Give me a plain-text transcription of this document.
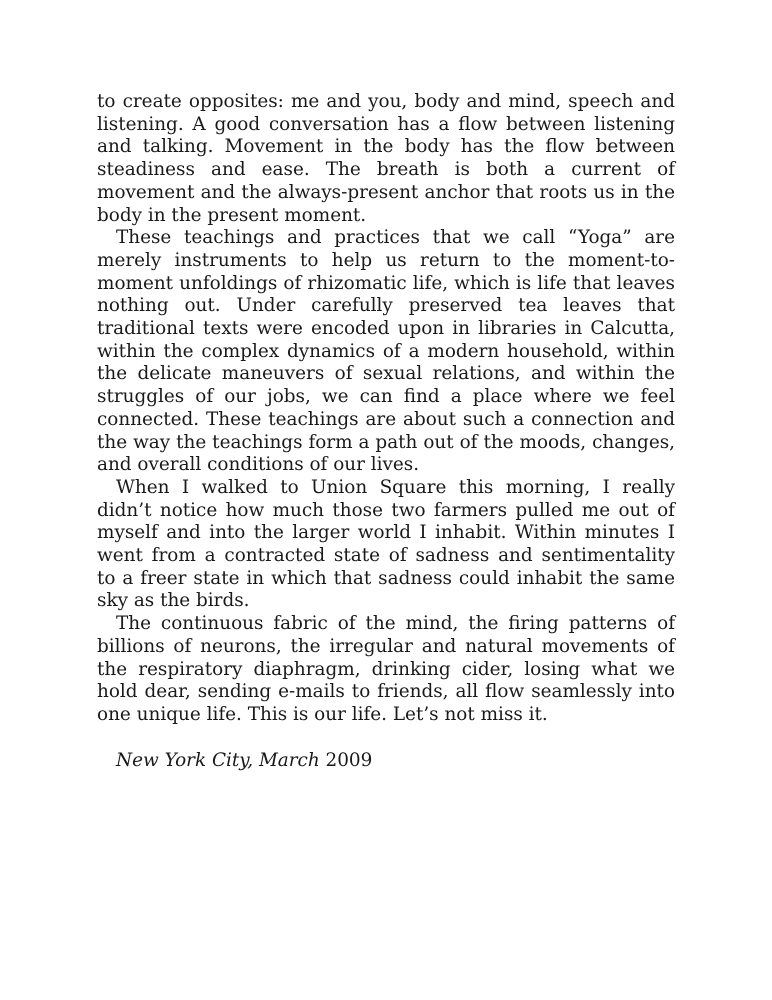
to create opposites: me and you, body and mind, speech and listening. A good conversation has a flow between listening and talking. Movement in the body has the flow between steadiness and ease. The breath is both a current of movement and the always-present anchor that roots us in the body in the present moment.

These teachings and practices that we call “Yoga” are merely instruments to help us return to the moment-to-moment unfoldings of rhizomatic life, which is life that leaves nothing out. Under carefully preserved tea leaves that traditional texts were encoded upon in libraries in Calcutta, within the complex dynamics of a modern household, within the delicate maneuvers of sexual relations, and within the struggles of our jobs, we can find a place where we feel connected. These teachings are about such a connection and the way the teachings form a path out of the moods, changes, and overall conditions of our lives.

When I walked to Union Square this morning, I really didn’t notice how much those two farmers pulled me out of myself and into the larger world I inhabit. Within minutes I went from a contracted state of sadness and sentimentality to a freer state in which that sadness could inhabit the same sky as the birds.

The continuous fabric of the mind, the firing patterns of billions of neurons, the irregular and natural movements of the respiratory diaphragm, drinking cider, losing what we hold dear, sending e-mails to friends, all flow seamlessly into one unique life. This is our life. Let’s not miss it.

New York City, March 2009
